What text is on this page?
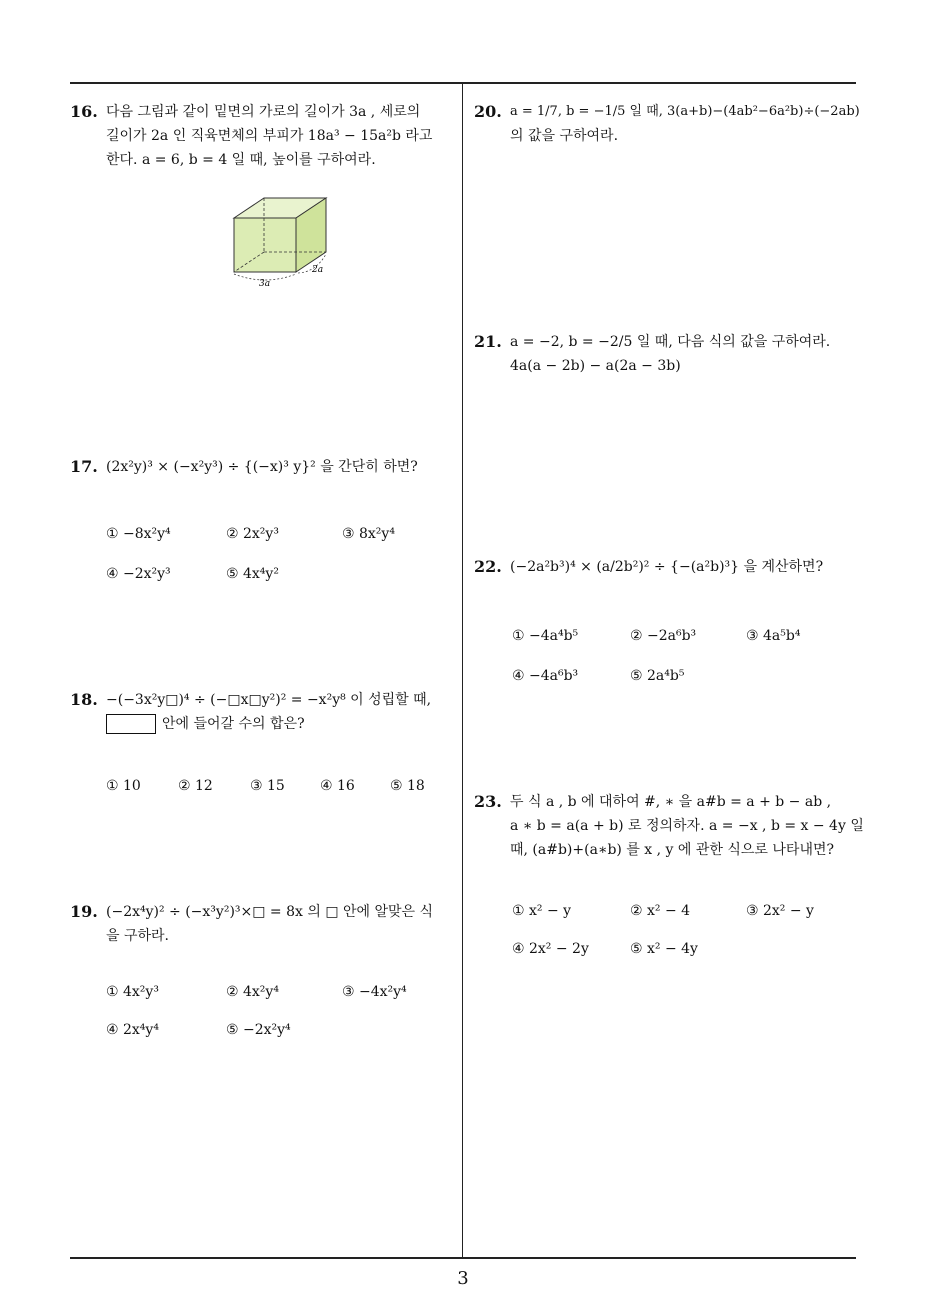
16. 다음 그림과 같이 밑면의 가로의 길이가 3a , 세로의
길이가 2a 인 직육면체의 부피가 18a³ − 15a²b 라고
한다. a = 6, b = 4 일 때, 높이를 구하여라.
3a
2a
17. (2x²y)³ × (−x²y³) ÷ {(−x)³ y}² 을 간단히 하면?
① −8x²y⁴	② 2x²y³	③ 8x²y⁴
④ −2x²y³	⑤ 4x⁴y²
18. −(−3x²y□)⁴ ÷ (−□x□y²)² = −x²y⁸ 이 성립할 때,
안에 들어갈 수의 합은?
① 10	② 12	③ 15	④ 16	⑤ 18
19. (−2x⁴y)² ÷ (−x³y²)³×□ = 8x 의 □ 안에 알맞은 식
을 구하라.
① 4x²y³	② 4x²y⁴	③ −4x²y⁴
④ 2x⁴y⁴	⑤ −2x²y⁴
20. a = 1/7, b = −1/5 일 때, 3(a+b)−(4ab²−6a²b)÷(−2ab)
의 값을 구하여라.
21. a = −2, b = −2/5 일 때, 다음 식의 값을 구하여라.
4a(a − 2b) − a(2a − 3b)
22. (−2a²b³)⁴ × (a/2b²)² ÷ {−(a²b)³} 을 계산하면?
① −4a⁴b⁵	② −2a⁶b³	③ 4a⁵b⁴
④ −4a⁶b³	⑤ 2a⁴b⁵
23. 두 식 a , b 에 대하여 #, ∗ 을 a#b = a + b − ab ,
a ∗ b = a(a + b) 로 정의하자. a = −x , b = x − 4y 일
때, (a#b)+(a∗b) 를 x , y 에 관한 식으로 나타내면?
① x² − y	② x² − 4	③ 2x² − y
④ 2x² − 2y	⑤ x² − 4y
3
